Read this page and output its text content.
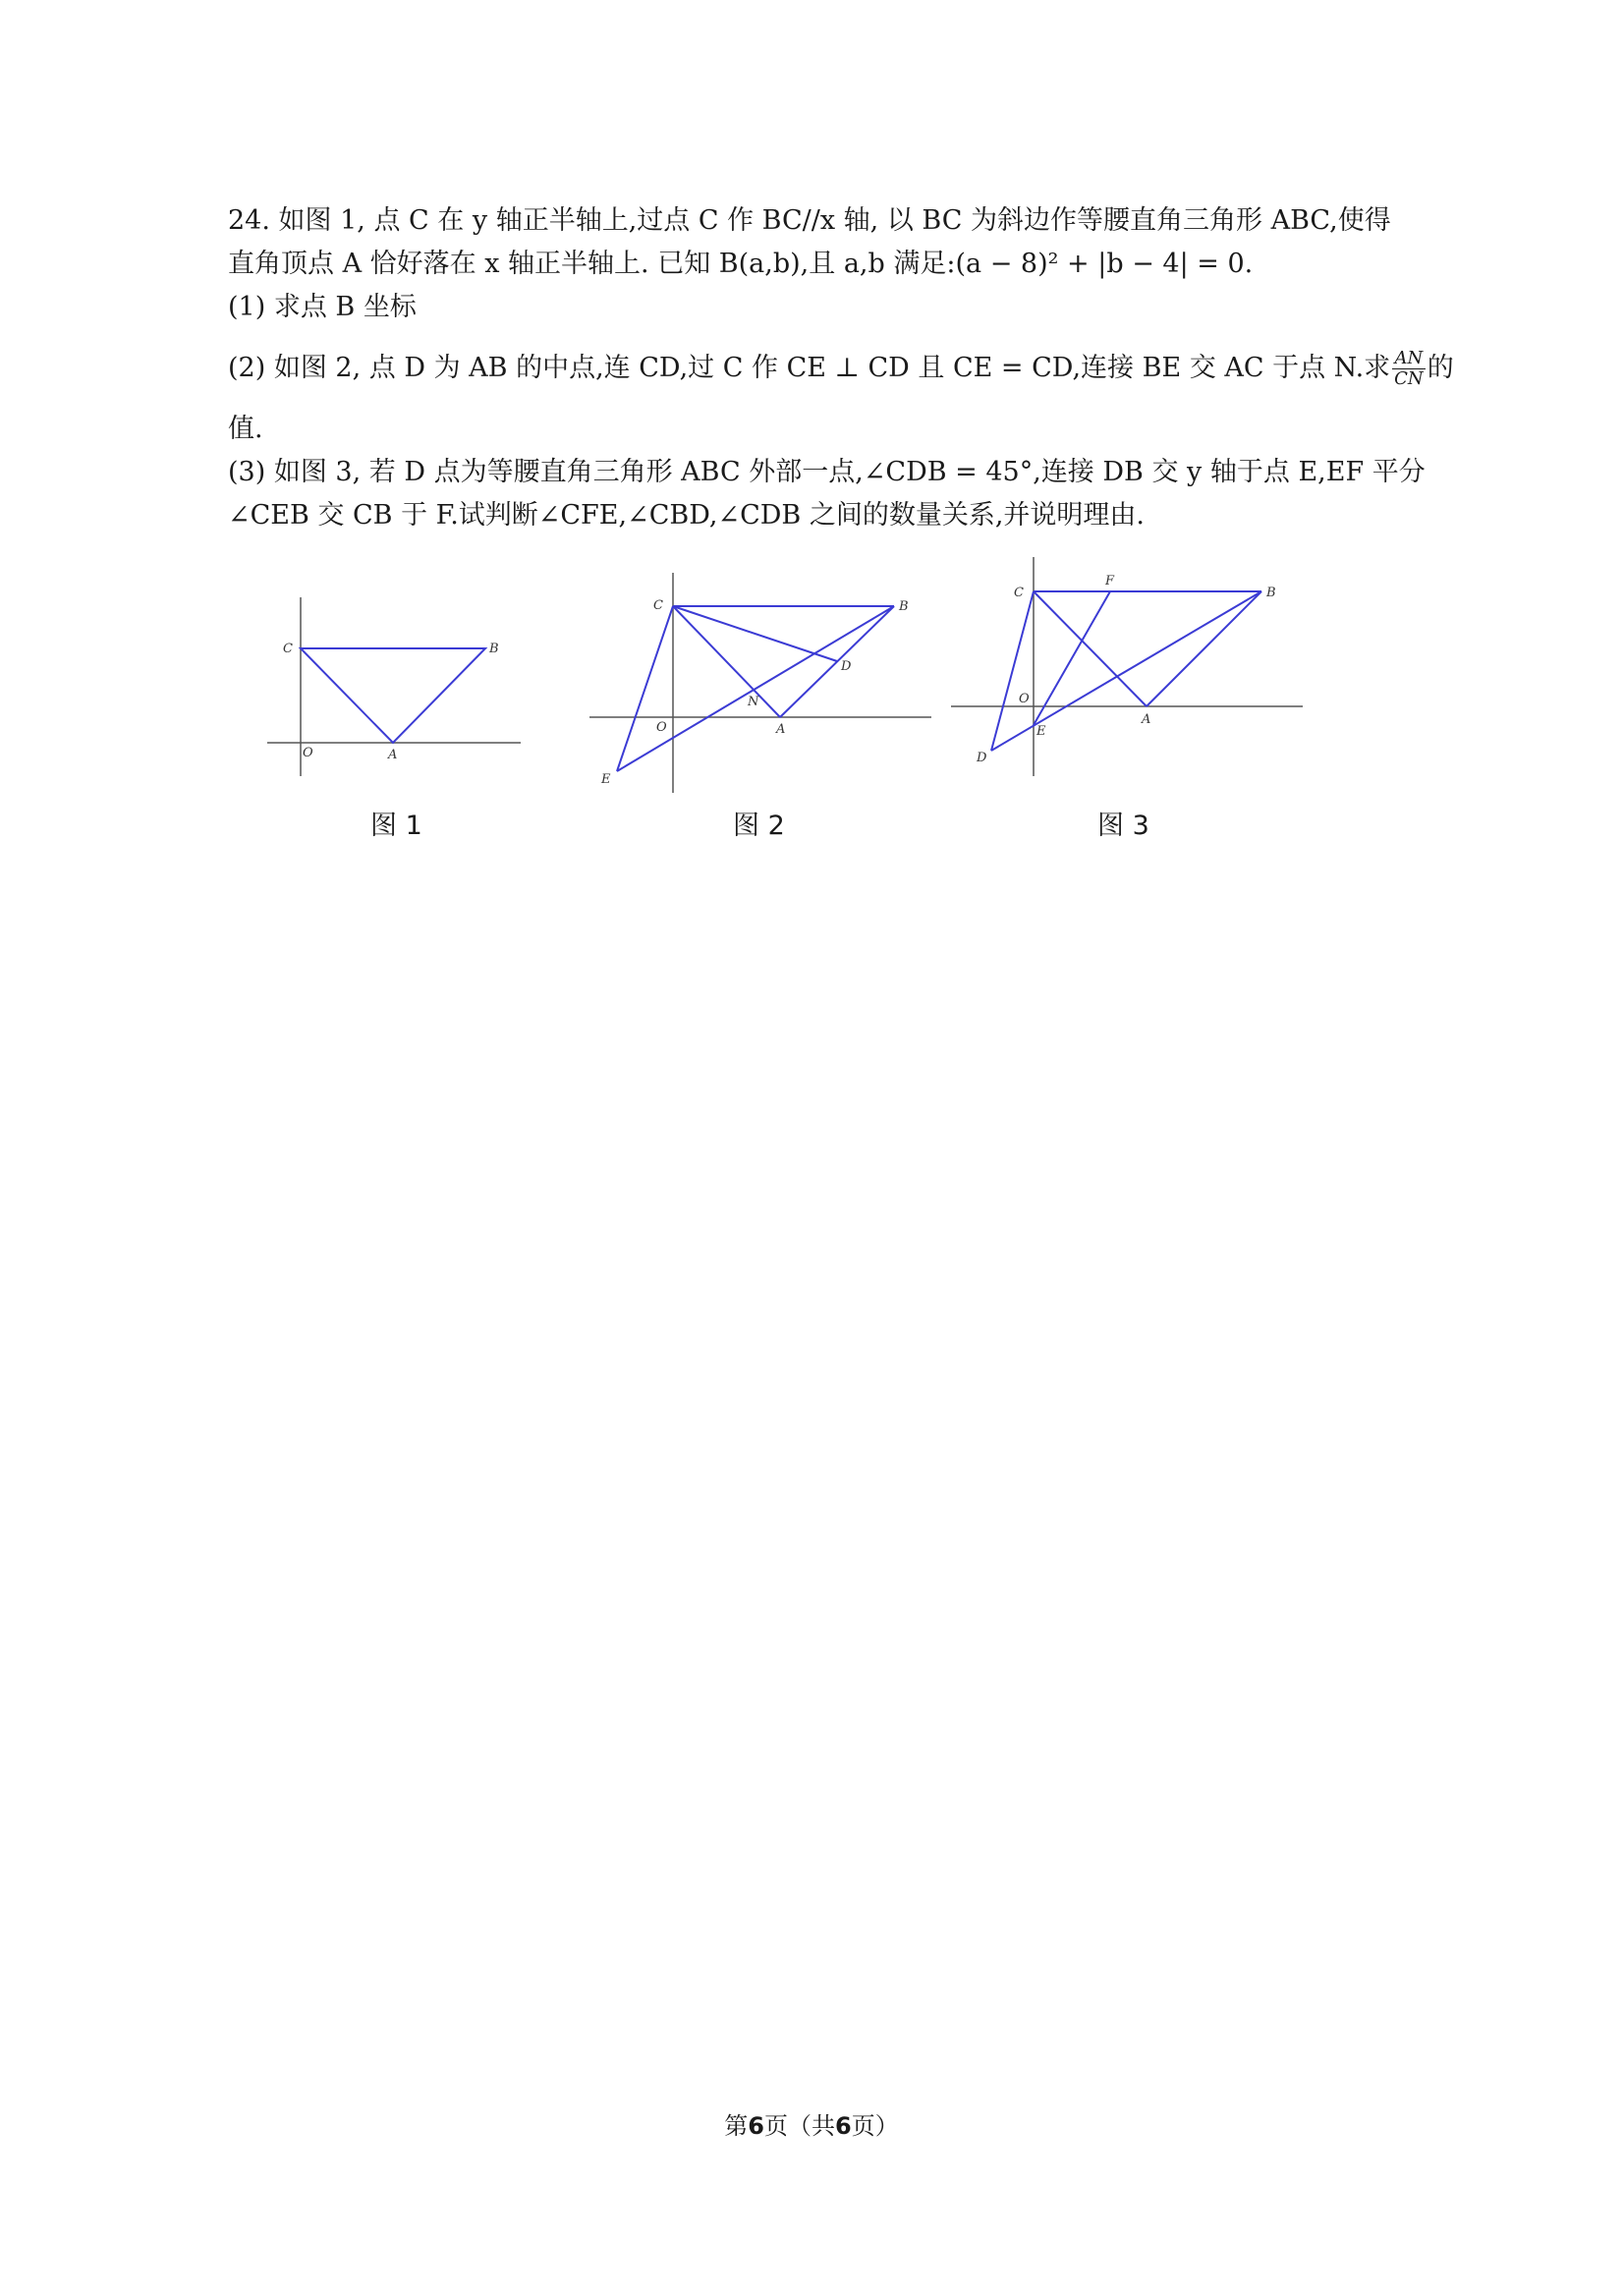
24. 如图 1, 点 C 在 y 轴正半轴上,过点 C 作 BC//x 轴, 以 BC 为斜边作等腰直角三角形 ABC,使得
直角顶点 A 恰好落在 x 轴正半轴上. 已知 B(a,b),且 a,b 满足:(a − 8)² + |b − 4| = 0.
(1) 求点 B 坐标
(2) 如图 2, 点 D 为 AB 的中点,连 CD,过 C 作 CE ⊥ CD 且 CE = CD,连接 BE 交 AC 于点 N.求 $\frac{AN}{CN}$ 的
值.
(3) 如图 3, 若 D 点为等腰直角三角形 ABC 外部一点,∠CDB = 45°,连接 DB 交 y 轴于点 E,EF 平分
∠CEB 交 CB 于 F.试判断∠CFE,∠CBD,∠CDB 之间的数量关系,并说明理由.
C	B
O	A
图 1
C	B
D
N
O	A
E
图 2
C
F
B
O
E
A
D
图 3
第6页（共6页）
